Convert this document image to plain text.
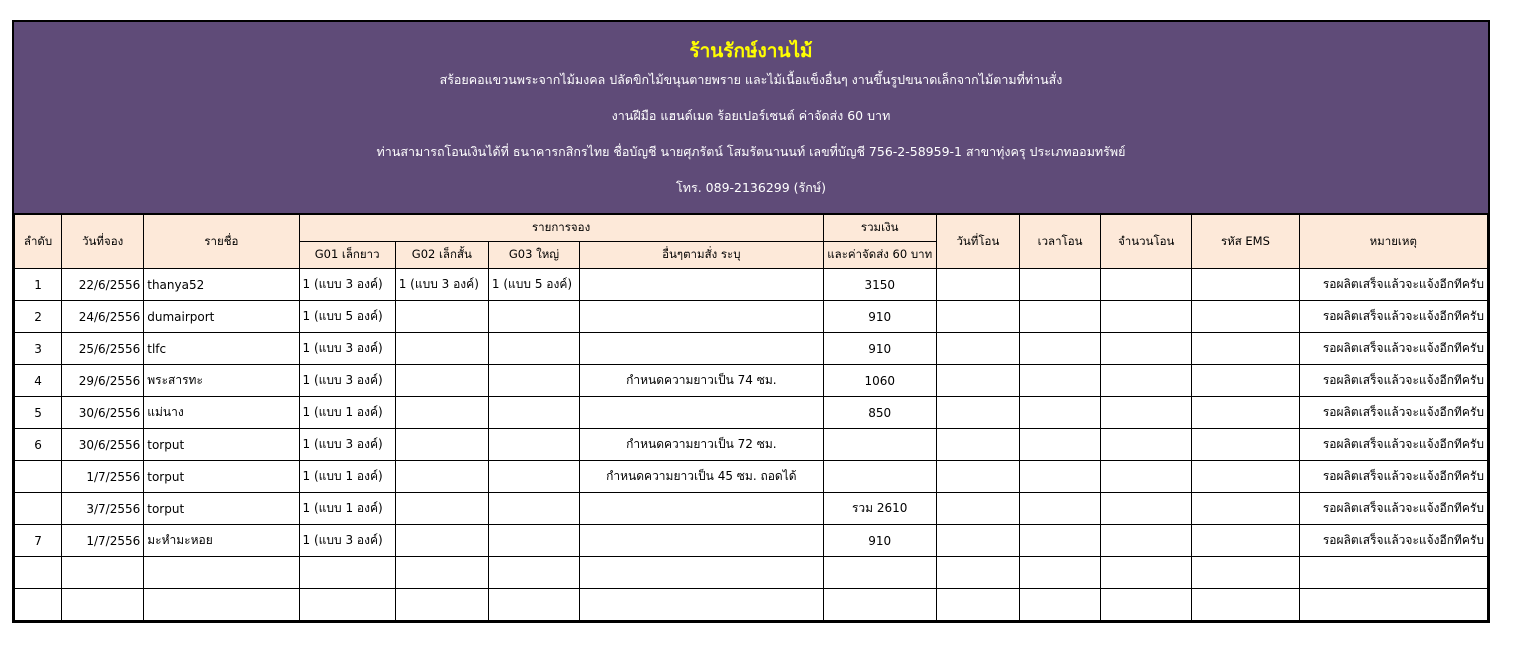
ร้านรักษ์งานไม้
สร้อยคอแขวนพระจากไม้มงคล ปลัดขิกไม้ขนุนตายพราย และไม้เนื้อแข็งอื่นๆ งานขึ้นรูปขนาดเล็กจากไม้ตามที่ท่านสั่ง
งานฝีมือ แฮนด์เมด ร้อยเปอร์เซนต์ ค่าจัดส่ง 60 บาท
ท่านสามารถโอนเงินได้ที่ ธนาคารกสิกรไทย ชื่อบัญชี นายศุภรัตน์ โสมรัตนานนท์ เลขที่บัญชี 756-2-58959-1 สาขาทุ่งครุ ประเภทออมทรัพย์
โทร. 089-2136299 (รักษ์)
ลำดับ	วันที่จอง	รายชื่อ	รายการจอง				รวมเงิน	วันที่โอน	เวลาโอน	จำนวนโอน	รหัส EMS	หมายเหตุ
			G01 เล็กยาว	G02 เล็กสั้น	G03 ใหญ่	อื่นๆตามสั่ง ระบุ	และค่าจัดส่ง 60 บาท					
1	22/6/2556	thanya52	1 (แบบ 3 องค์)	1 (แบบ 3 องค์)	1 (แบบ 5 องค์)		3150					รอผลิตเสร็จแล้วจะแจ้งอีกทีครับ
2	24/6/2556	dumairport	1 (แบบ 5 องค์)				910					รอผลิตเสร็จแล้วจะแจ้งอีกทีครับ
3	25/6/2556	tlfc	1 (แบบ 3 องค์)				910					รอผลิตเสร็จแล้วจะแจ้งอีกทีครับ
4	29/6/2556	พระสารทะ	1 (แบบ 3 องค์)			กำหนดความยาวเป็น 74 ซม.	1060					รอผลิตเสร็จแล้วจะแจ้งอีกทีครับ
5	30/6/2556	แม่นาง	1 (แบบ 1 องค์)				850					รอผลิตเสร็จแล้วจะแจ้งอีกทีครับ
6	30/6/2556	torput	1 (แบบ 3 องค์)			กำหนดความยาวเป็น 72 ซม.						รอผลิตเสร็จแล้วจะแจ้งอีกทีครับ
	1/7/2556	torput	1 (แบบ 1 องค์)			กำหนดความยาวเป็น 45 ซม. ถอดได้						รอผลิตเสร็จแล้วจะแจ้งอีกทีครับ
	3/7/2556	torput	1 (แบบ 1 องค์)				รวม 2610					รอผลิตเสร็จแล้วจะแจ้งอีกทีครับ
7	1/7/2556	มะหำมะหอย	1 (แบบ 3 องค์)				910					รอผลิตเสร็จแล้วจะแจ้งอีกทีครับ
